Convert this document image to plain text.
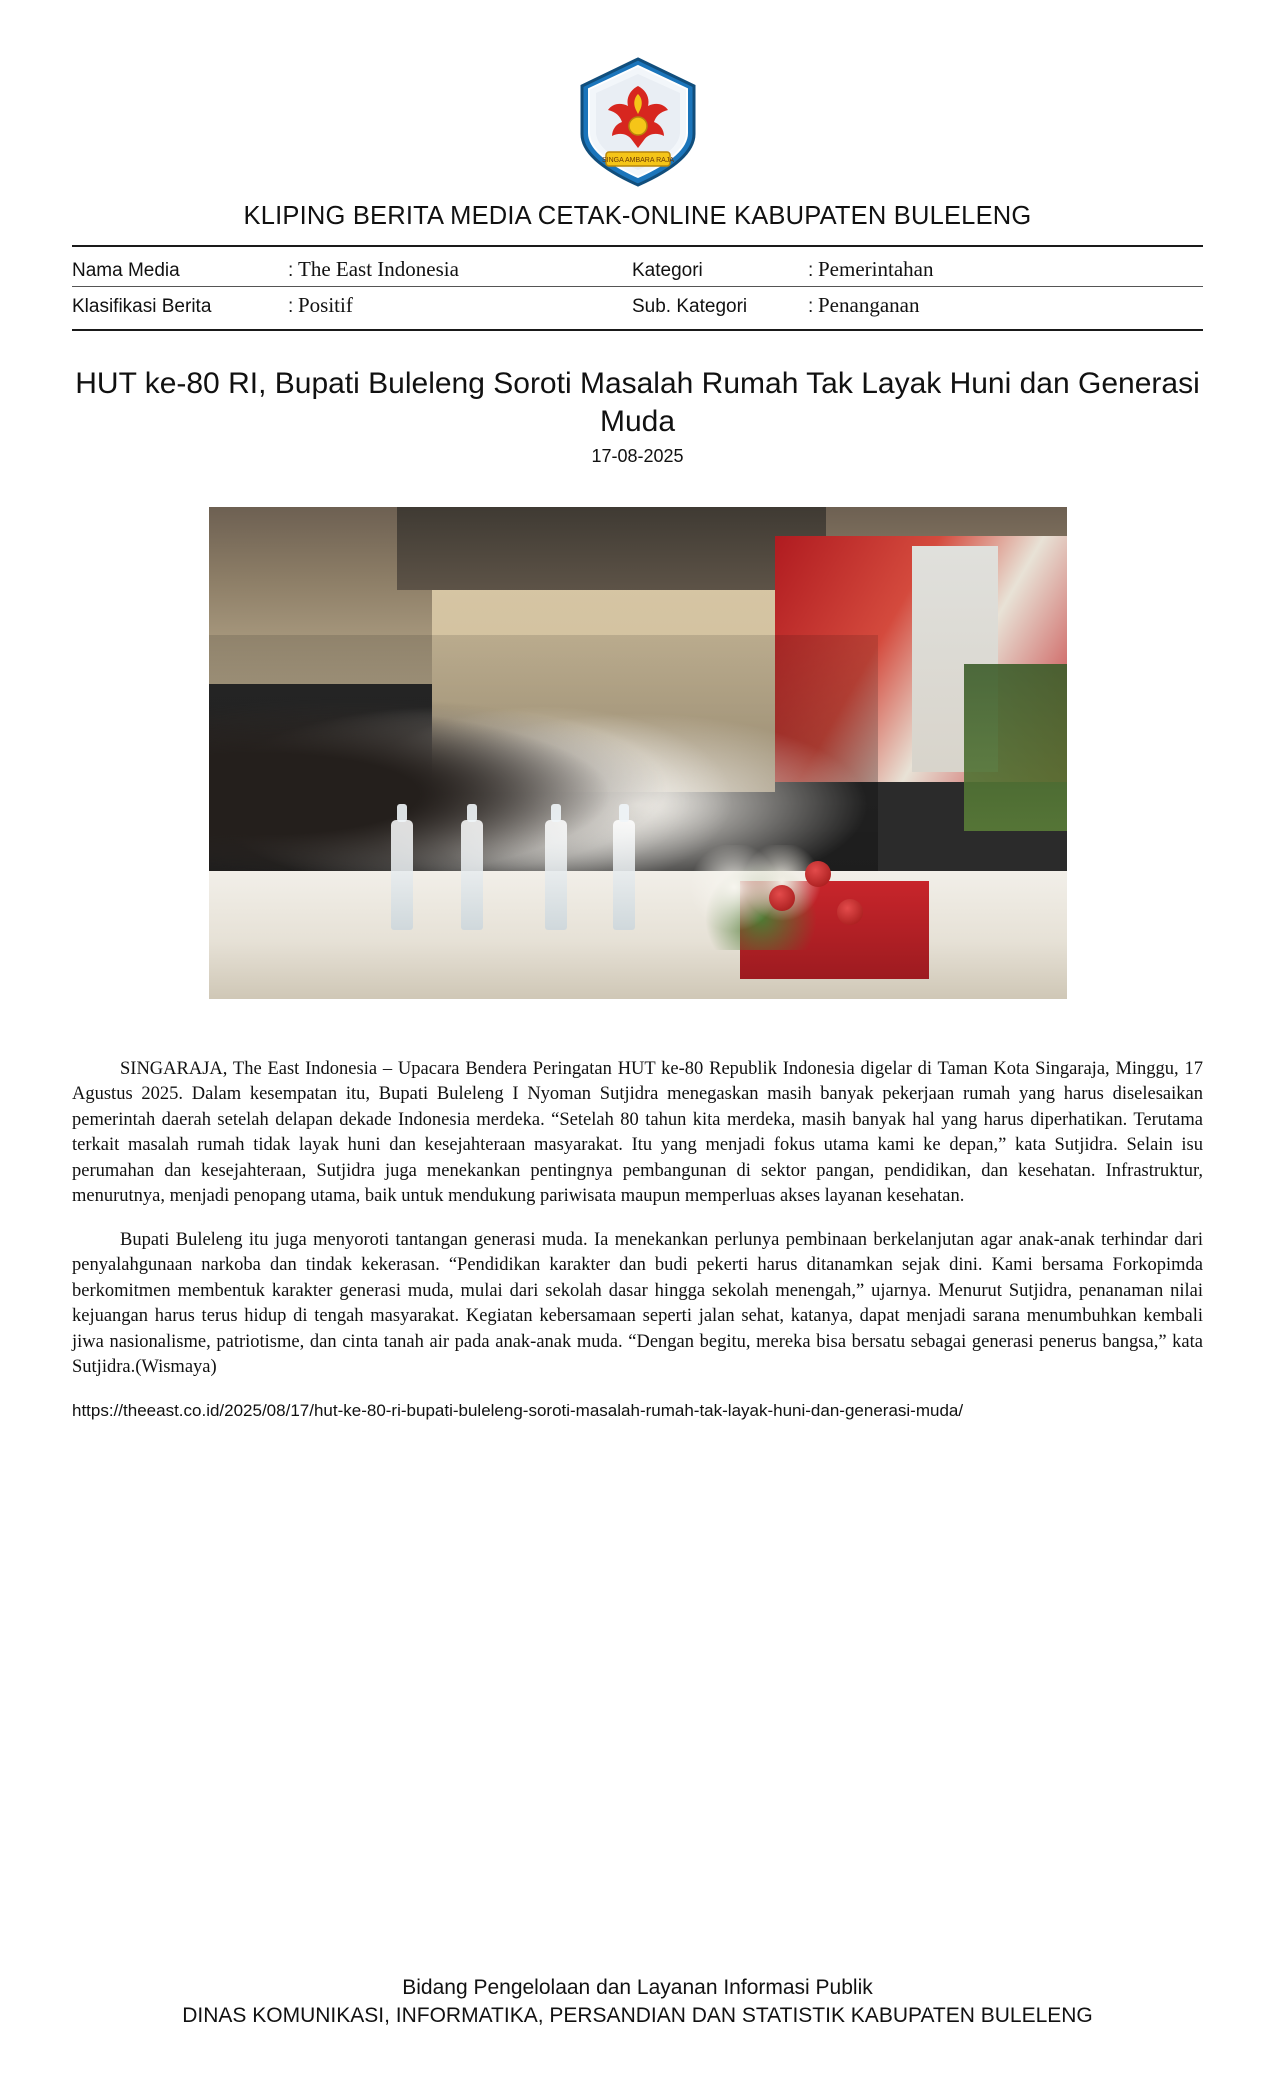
SINGA AMBARA RAJA
KLIPING BERITA MEDIA CETAK-ONLINE KABUPATEN BULELENG
Nama Media	: The East Indonesia	Kategori	: Pemerintahan
Klasifikasi Berita	: Positif	Sub. Kategori	: Penanganan
HUT ke-80 RI, Bupati Buleleng Soroti Masalah Rumah Tak Layak Huni dan Generasi Muda
17-08-2025

SINGARAJA, The East Indonesia – Upacara Bendera Peringatan HUT ke-80 Republik Indonesia digelar di Taman Kota Singaraja, Minggu, 17 Agustus 2025. Dalam kesempatan itu, Bupati Buleleng I Nyoman Sutjidra menegaskan masih banyak pekerjaan rumah yang harus diselesaikan pemerintah daerah setelah delapan dekade Indonesia merdeka. “Setelah 80 tahun kita merdeka, masih banyak hal yang harus diperhatikan. Terutama terkait masalah rumah tidak layak huni dan kesejahteraan masyarakat. Itu yang menjadi fokus utama kami ke depan,” kata Sutjidra. Selain isu perumahan dan kesejahteraan, Sutjidra juga menekankan pentingnya pembangunan di sektor pangan, pendidikan, dan kesehatan. Infrastruktur, menurutnya, menjadi penopang utama, baik untuk mendukung pariwisata maupun memperluas akses layanan kesehatan.

Bupati Buleleng itu juga menyoroti tantangan generasi muda. Ia menekankan perlunya pembinaan berkelanjutan agar anak-anak terhindar dari penyalahgunaan narkoba dan tindak kekerasan. “Pendidikan karakter dan budi pekerti harus ditanamkan sejak dini. Kami bersama Forkopimda berkomitmen membentuk karakter generasi muda, mulai dari sekolah dasar hingga sekolah menengah,” ujarnya. Menurut Sutjidra, penanaman nilai kejuangan harus terus hidup di tengah masyarakat. Kegiatan kebersamaan seperti jalan sehat, katanya, dapat menjadi sarana menumbuhkan kembali jiwa nasionalisme, patriotisme, dan cinta tanah air pada anak-anak muda. “Dengan begitu, mereka bisa bersatu sebagai generasi penerus bangsa,” kata Sutjidra.(Wismaya)

https://theeast.co.id/2025/08/17/hut-ke-80-ri-bupati-buleleng-soroti-masalah-rumah-tak-layak-huni-dan-generasi-muda/
Bidang Pengelolaan dan Layanan Informasi Publik
DINAS KOMUNIKASI, INFORMATIKA, PERSANDIAN DAN STATISTIK KABUPATEN BULELENG
